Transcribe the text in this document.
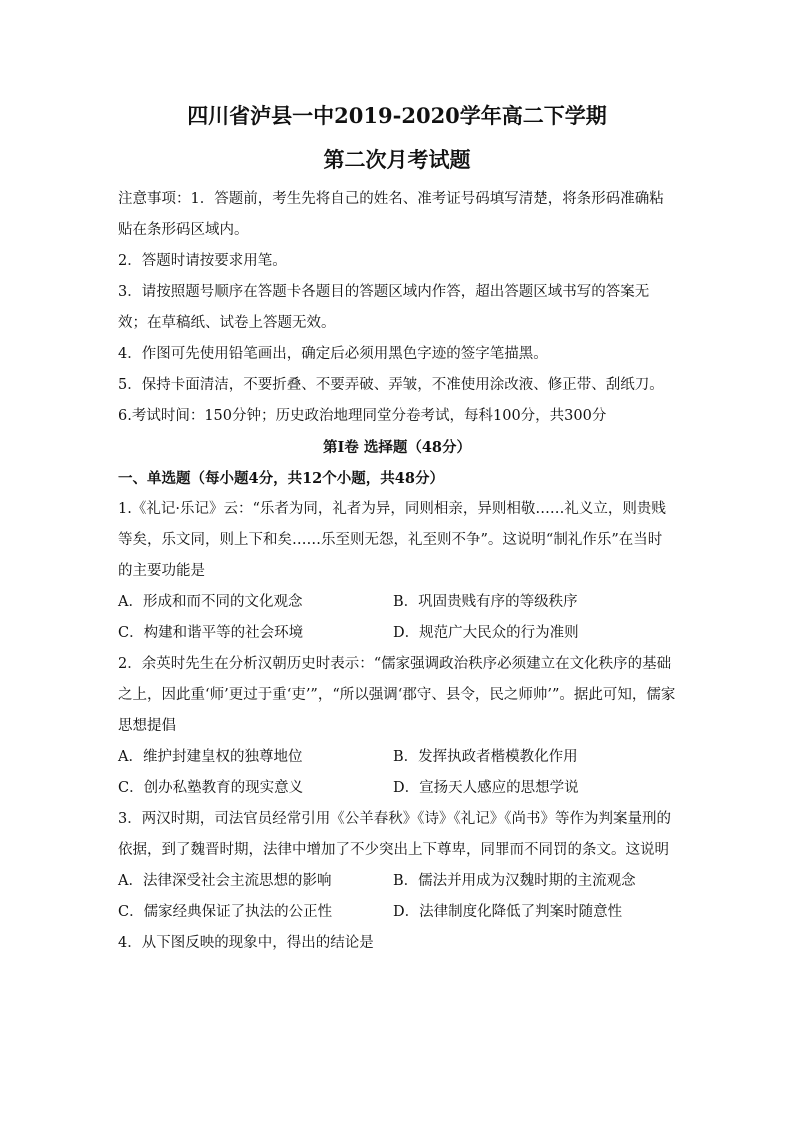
四川省泸县一中2019-2020学年高二下学期
第二次月考试题

注意事项：1．答题前，考生先将自己的姓名、准考证号码填写清楚，将条形码准确粘贴在条形码区域内。

2．答题时请按要求用笔。

3．请按照题号顺序在答题卡各题目的答题区域内作答，超出答题区域书写的答案无效；在草稿纸、试卷上答题无效。

4．作图可先使用铅笔画出，确定后必须用黑色字迹的签字笔描黑。

5．保持卡面清洁，不要折叠、不要弄破、弄皱，不准使用涂改液、修正带、刮纸刀。

6.考试时间：150分钟；历史政治地理同堂分卷考试，每科100分，共300分

第I卷 选择题（48分）

一、单选题（每小题4分，共12个小题，共48分）

1.《礼记·乐记》云：“乐者为同，礼者为异，同则相亲，异则相敬……礼义立，则贵贱等矣，乐文同，则上下和矣……乐至则无怨，礼至则不争”。这说明“制礼作乐”在当时的主要功能是

A．形成和而不同的文化观念	B．巩固贵贱有序的等级秩序
C．构建和谐平等的社会环境	D．规范广大民众的行为准则

2．余英时先生在分析汉朝历史时表示：“儒家强调政治秩序必须建立在文化秩序的基础之上，因此重‘师’更过于重‘吏’”，“所以强调‘郡守、县令，民之师帅’”。据此可知，儒家思想提倡

A．维护封建皇权的独尊地位	B．发挥执政者楷模教化作用
C．创办私塾教育的现实意义	D．宣扬天人感应的思想学说

3．两汉时期，司法官员经常引用《公羊春秋》《诗》《礼记》《尚书》等作为判案量刑的依据，到了魏晋时期，法律中增加了不少突出上下尊卑，同罪而不同罚的条文。这说明

A．法律深受社会主流思想的影响	B．儒法并用成为汉魏时期的主流观念
C．儒家经典保证了执法的公正性	D．法律制度化降低了判案时随意性

4．从下图反映的现象中，得出的结论是
